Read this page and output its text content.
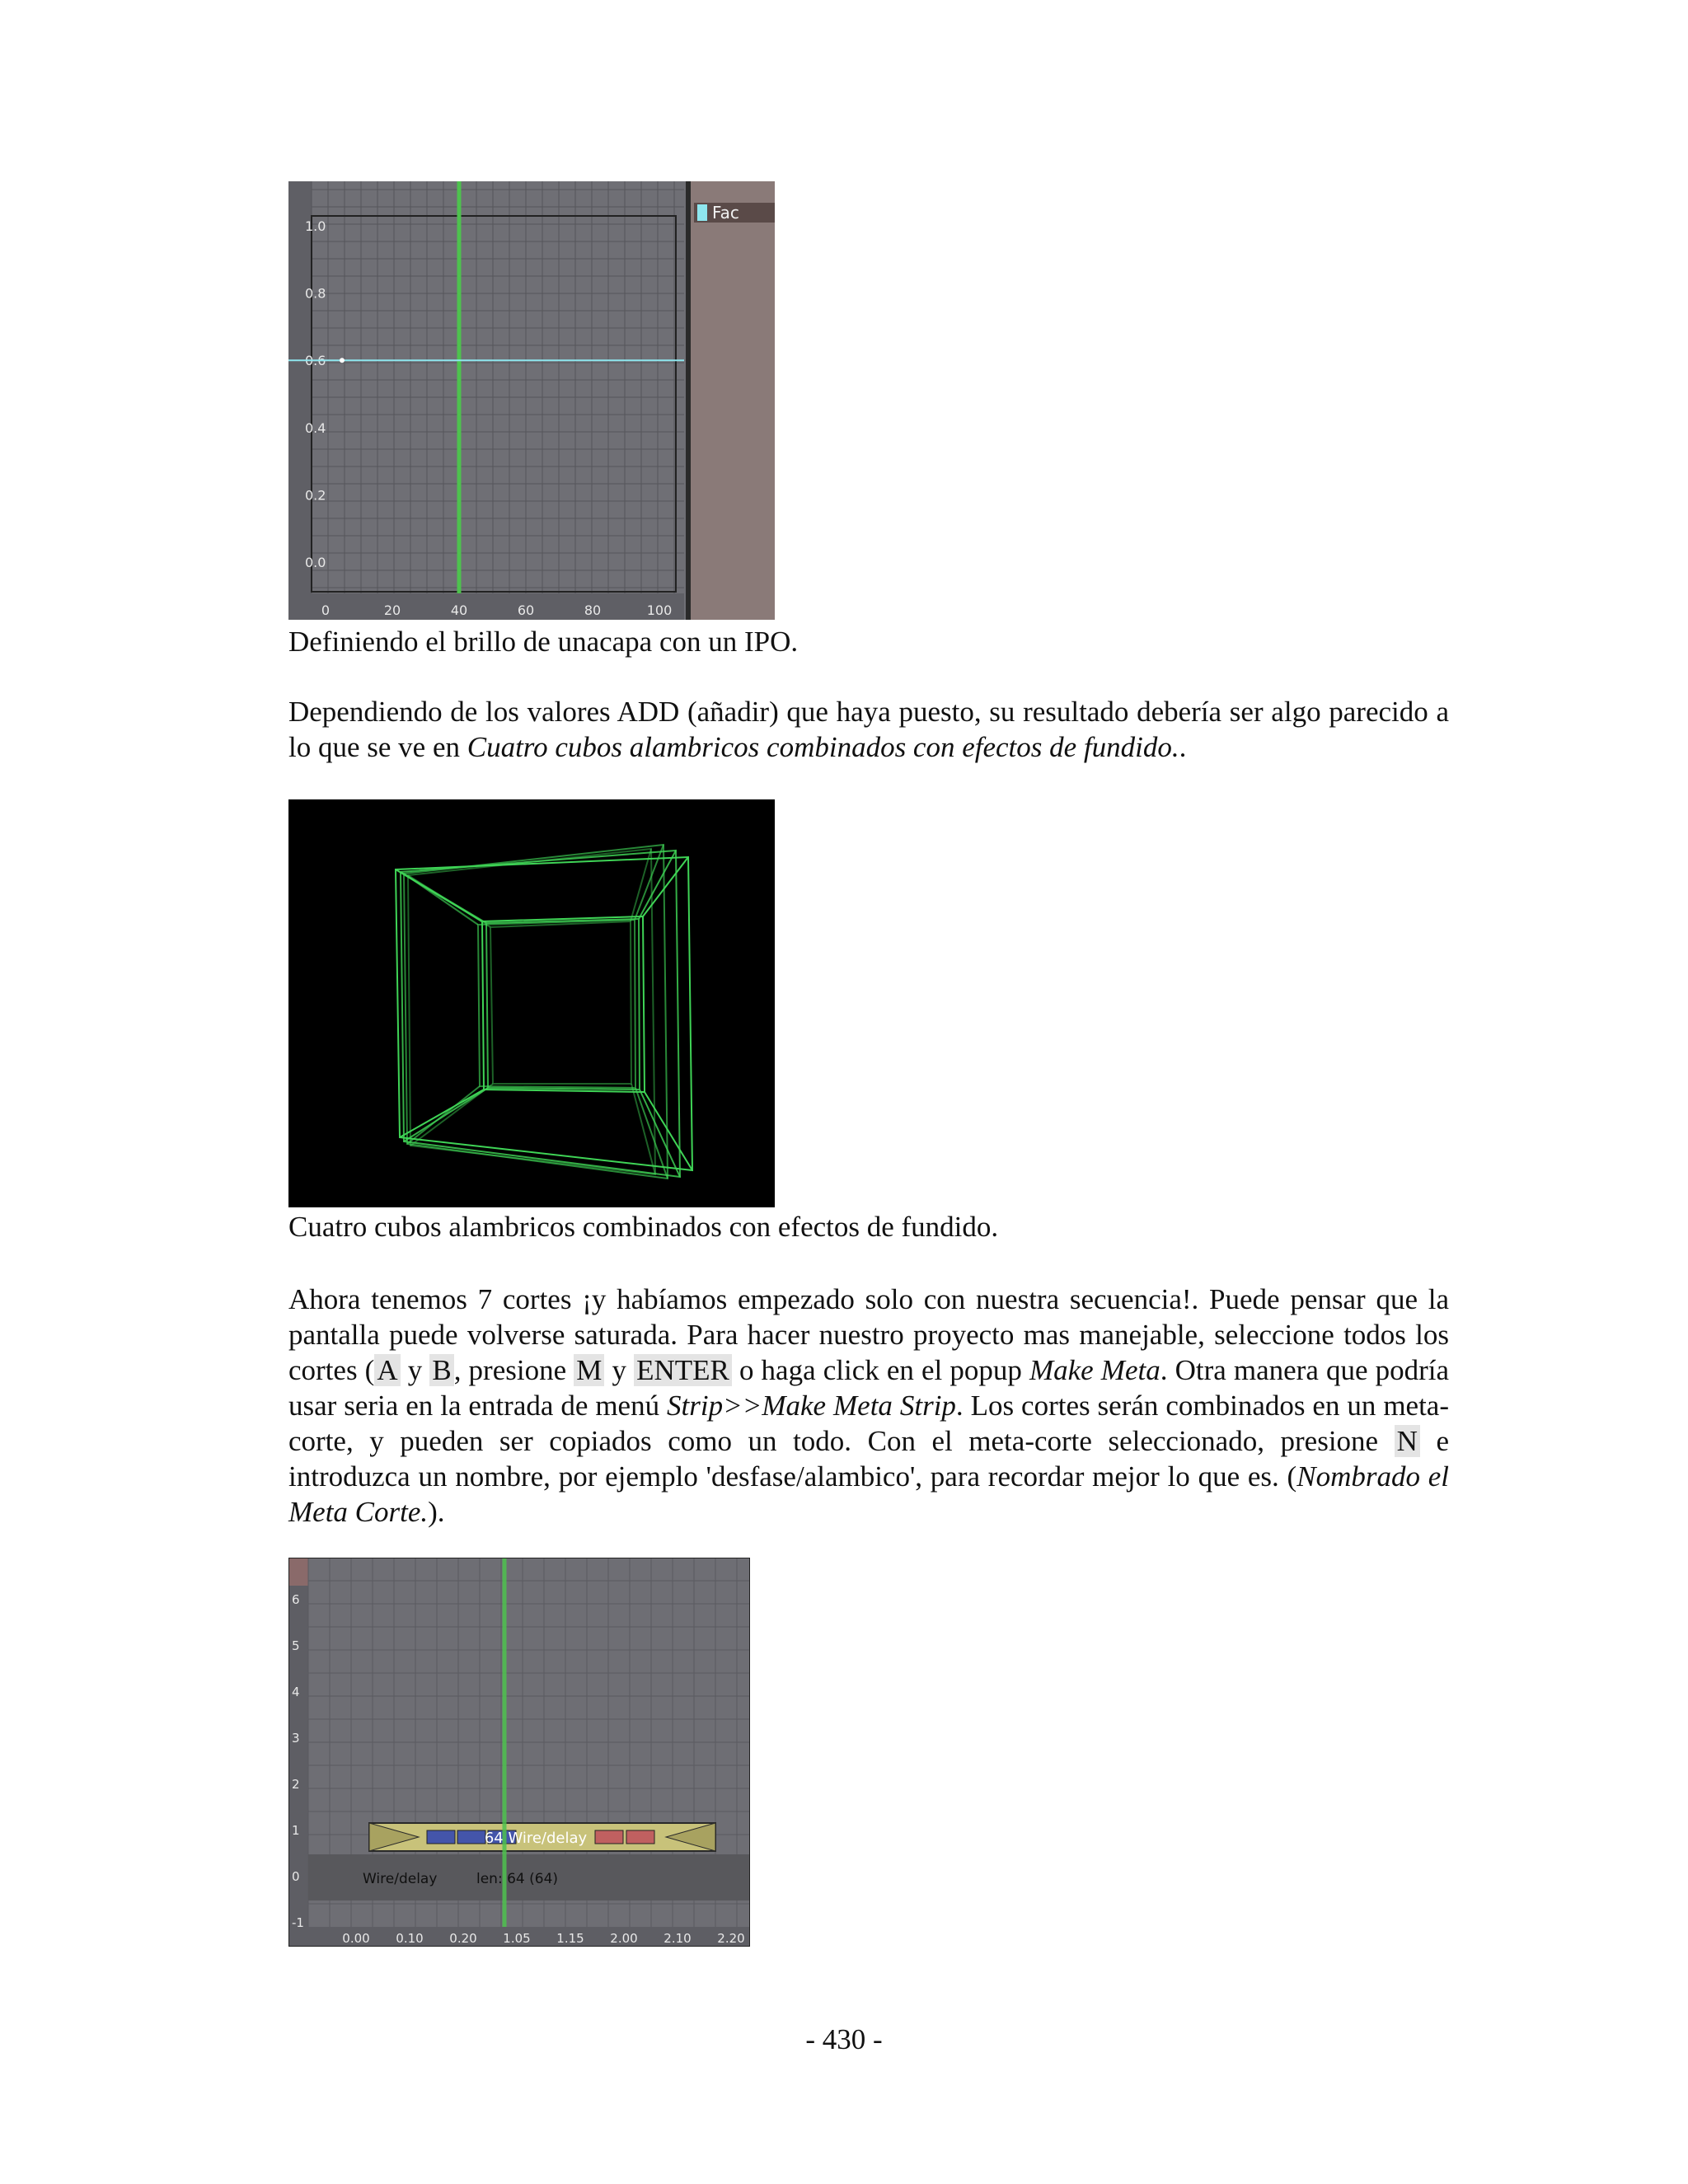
1.0
0.8
0.6
0.4
0.2
0.0
0	20	40	60	80	100
Fac

Definiendo el brillo de unacapa con un IPO.

Dependiendo de los valores ADD (añadir) que haya puesto, su resultado debería ser algo parecido a lo que se ve en Cuatro cubos alambricos combinados con efectos de fundido..

Cuatro cubos alambricos combinados con efectos de fundido.

Ahora tenemos 7 cortes ¡y habíamos empezado solo con nuestra secuencia!. Puede pensar que la pantalla puede volverse saturada. Para hacer nuestro proyecto mas manejable, seleccione todos los cortes (A y B, presione M y ENTER o haga click en el popup Make Meta. Otra manera que podría usar seria en la entrada de menú Strip>>Make Meta Strip. Los cortes serán combinados en un meta-corte, y pueden ser copiados como un todo. Con el meta-corte seleccionado, presione N e introduzca un nombre, por ejemplo 'desfase/alambico', para recordar mejor lo que es. (Nombrado el Meta Corte.).

6
5
4
3
2
1
0
-1
Wire/delay	len: 64 (64)
0.00 0.10 0.20 1.05 1.15 2.00 2.10 2.20
64 Wire/delay
- 430 -
